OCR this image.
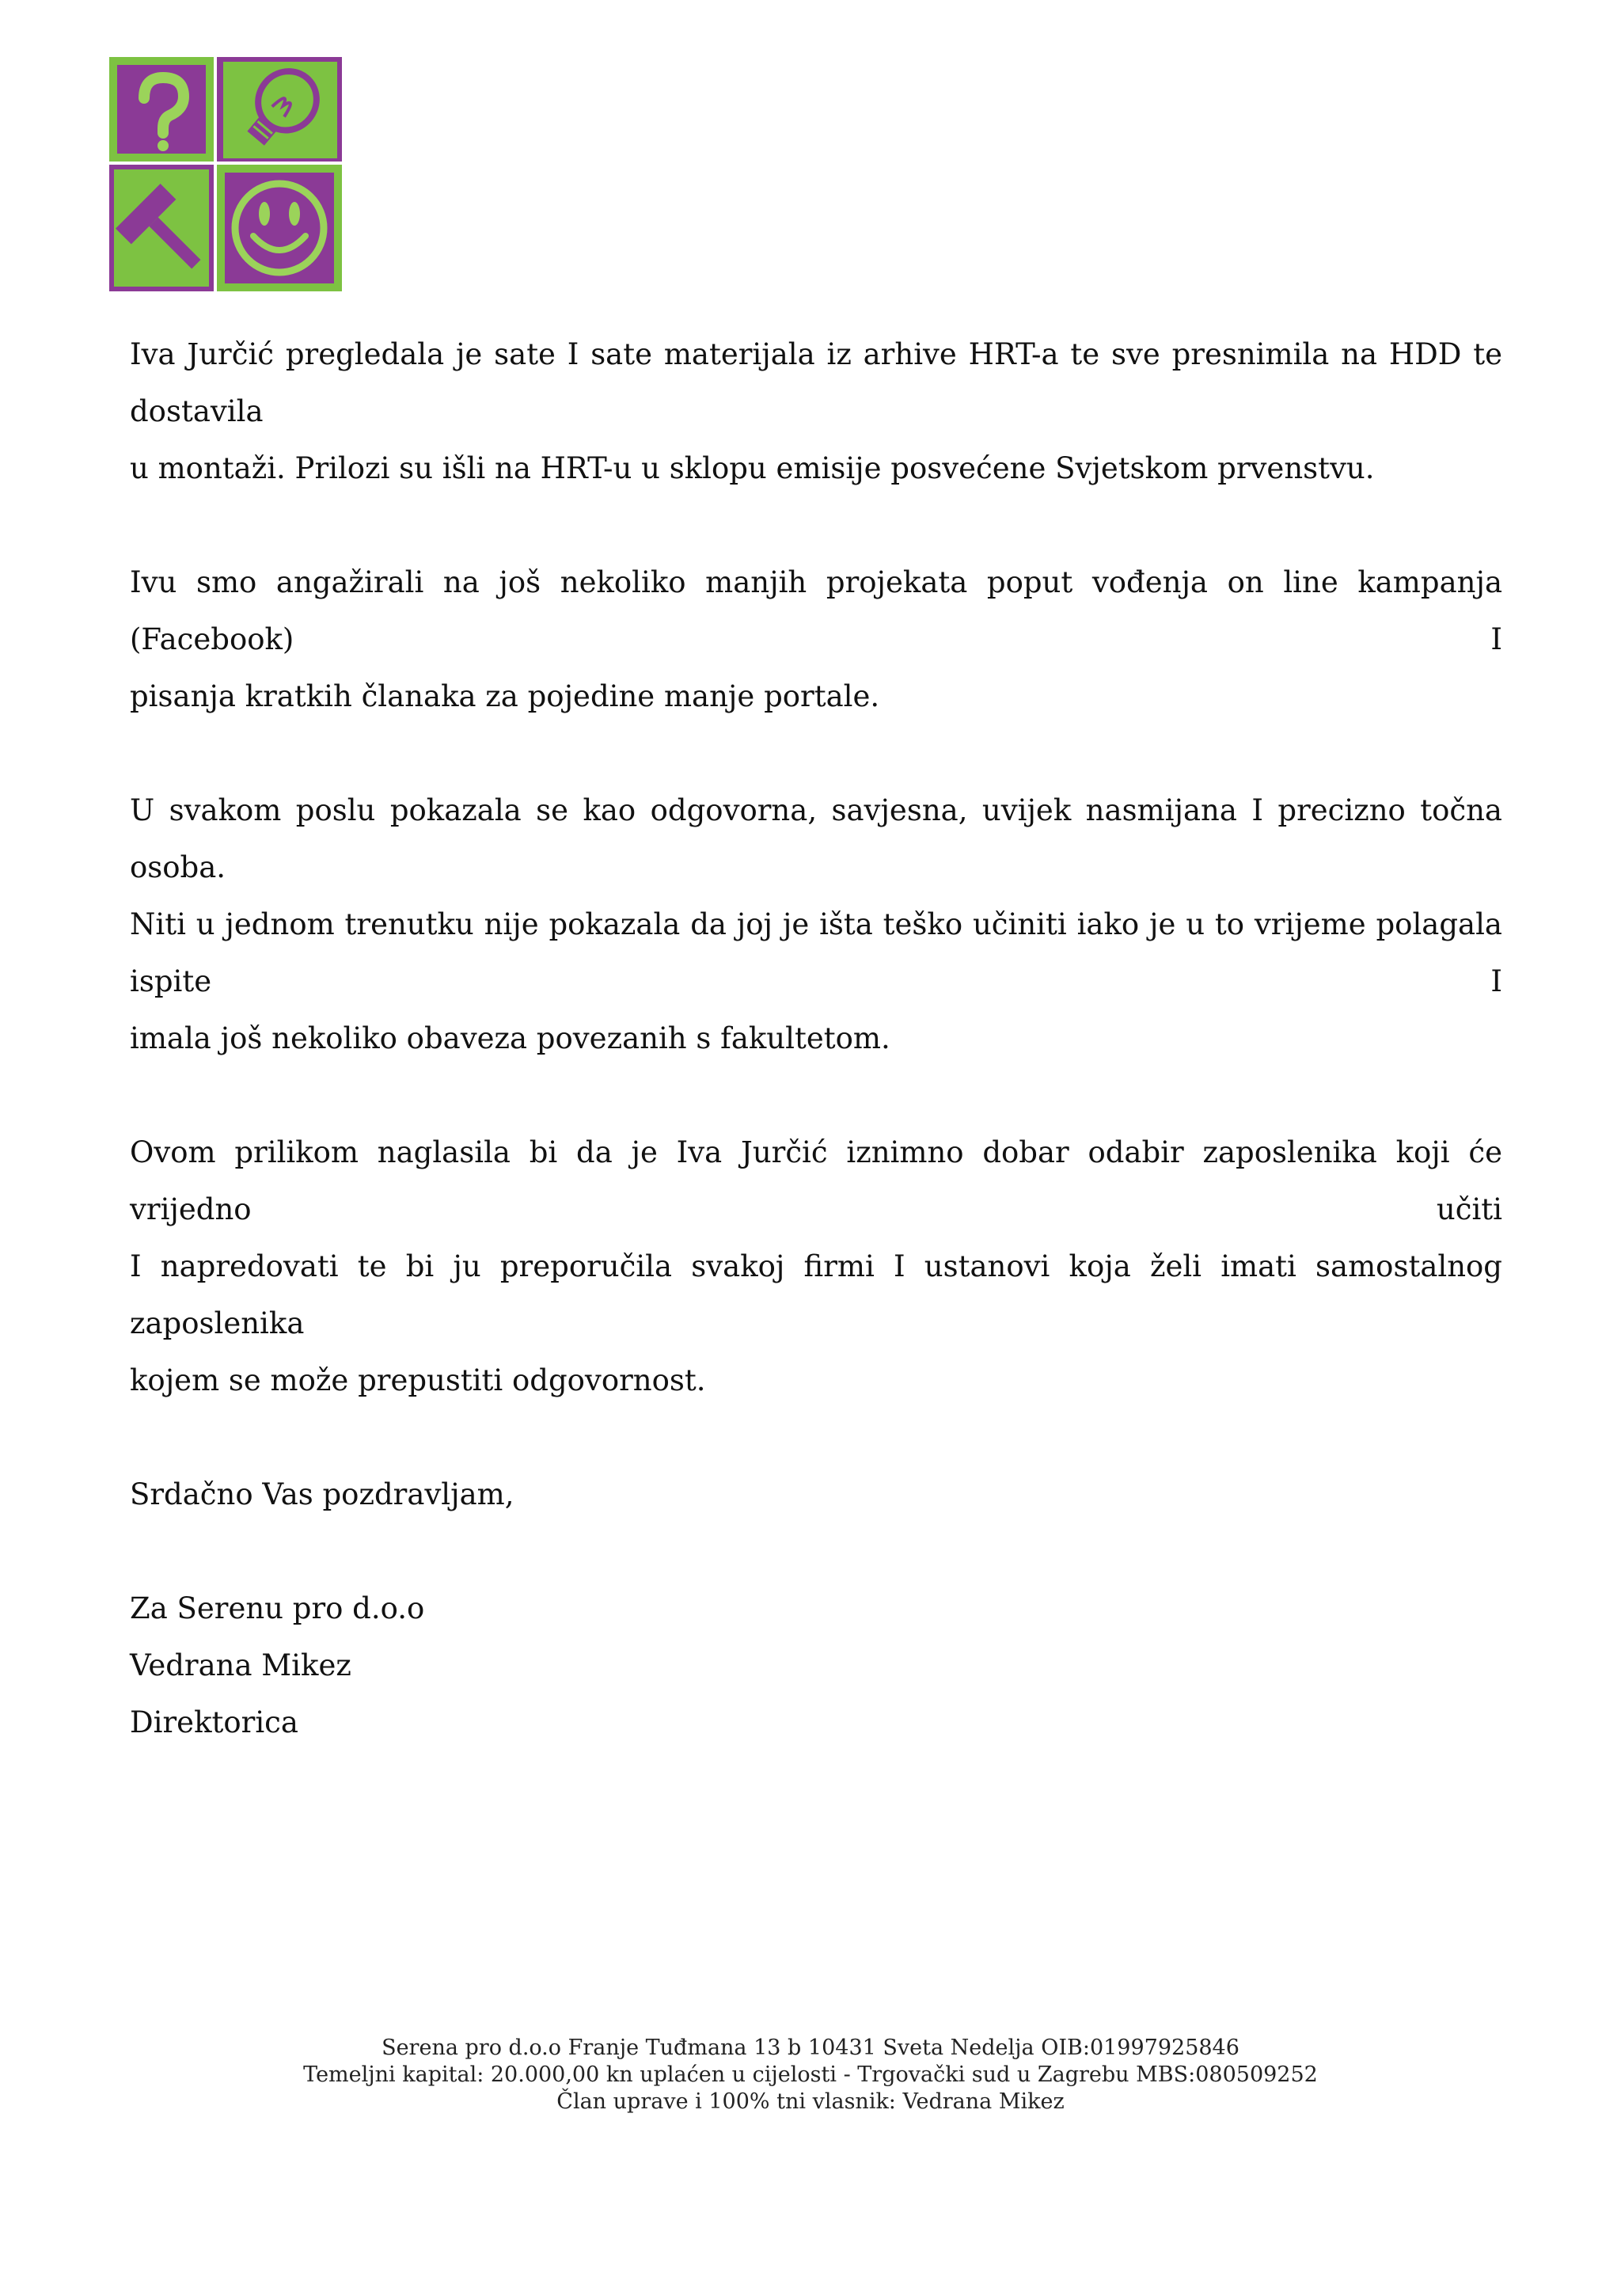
Iva Jurčić pregledala je sate I sate materijala iz arhive HRT-a te sve presnimila na HDD te dostavila
u montaži. Prilozi su išli na HRT-u u sklopu emisije posvećene Svjetskom prvenstvu.

Ivu smo angažirali na još nekoliko manjih projekata poput vođenja on line kampanja (Facebook) I
pisanja kratkih članaka za pojedine manje portale.

U svakom poslu pokazala se kao odgovorna, savjesna, uvijek nasmijana I precizno točna osoba.
Niti u jednom trenutku nije pokazala da joj je išta teško učiniti iako je u to vrijeme polagala ispite I
imala još nekoliko obaveza povezanih s fakultetom.

Ovom prilikom naglasila bi da je Iva Jurčić iznimno dobar odabir zaposlenika koji će vrijedno učiti
I napredovati te bi ju preporučila svakoj firmi I ustanovi koja želi imati samostalnog zaposlenika
kojem se može prepustiti odgovornost.

Srdačno Vas pozdravljam,

Za Serenu pro d.o.o
Vedrana Mikez
Direktorica
Serena pro d.o.o Franje Tuđmana 13 b 10431 Sveta Nedelja OIB:01997925846
Temeljni kapital: 20.000,00 kn uplaćen u cijelosti - Trgovački sud u Zagrebu MBS:080509252
Član uprave i 100% tni vlasnik: Vedrana Mikez
